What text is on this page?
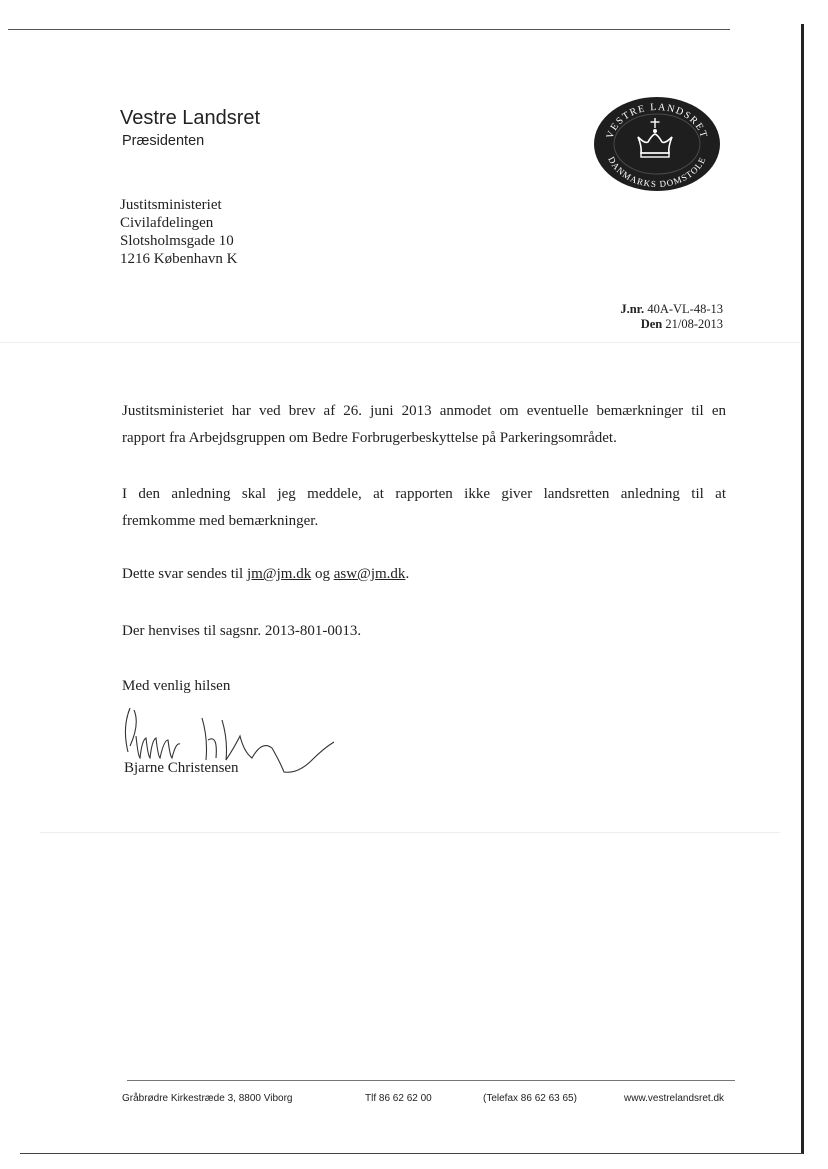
Vestre Landsret
Præsidenten	VESTRE LANDSRET
DANMARKS DOMSTOLE
Justitsministeriet
Civilafdelingen
Slotsholmsgade 10
1216 København K
J.nr. 40A-VL-48-13
Den 21/08-2013
Justitsministeriet har ved brev af 26. juni 2013 anmodet om eventuelle bemærkninger til en
rapport fra Arbejdsgruppen om Bedre Forbrugerbeskyttelse på Parkeringsområdet.
I den anledning skal jeg meddele, at rapporten ikke giver landsretten anledning til at
fremkomme med bemærkninger.
Dette svar sendes til jm@jm.dk og asw@jm.dk.
Der henvises til sagsnr. 2013-801-0013.
Med venlig hilsen
Bjarne Christensen
Gråbrødre Kirkestræde 3, 8800 Viborg	Tlf 86 62 62 00	(Telefax 86 62 63 65)	www.vestrelandsret.dk
